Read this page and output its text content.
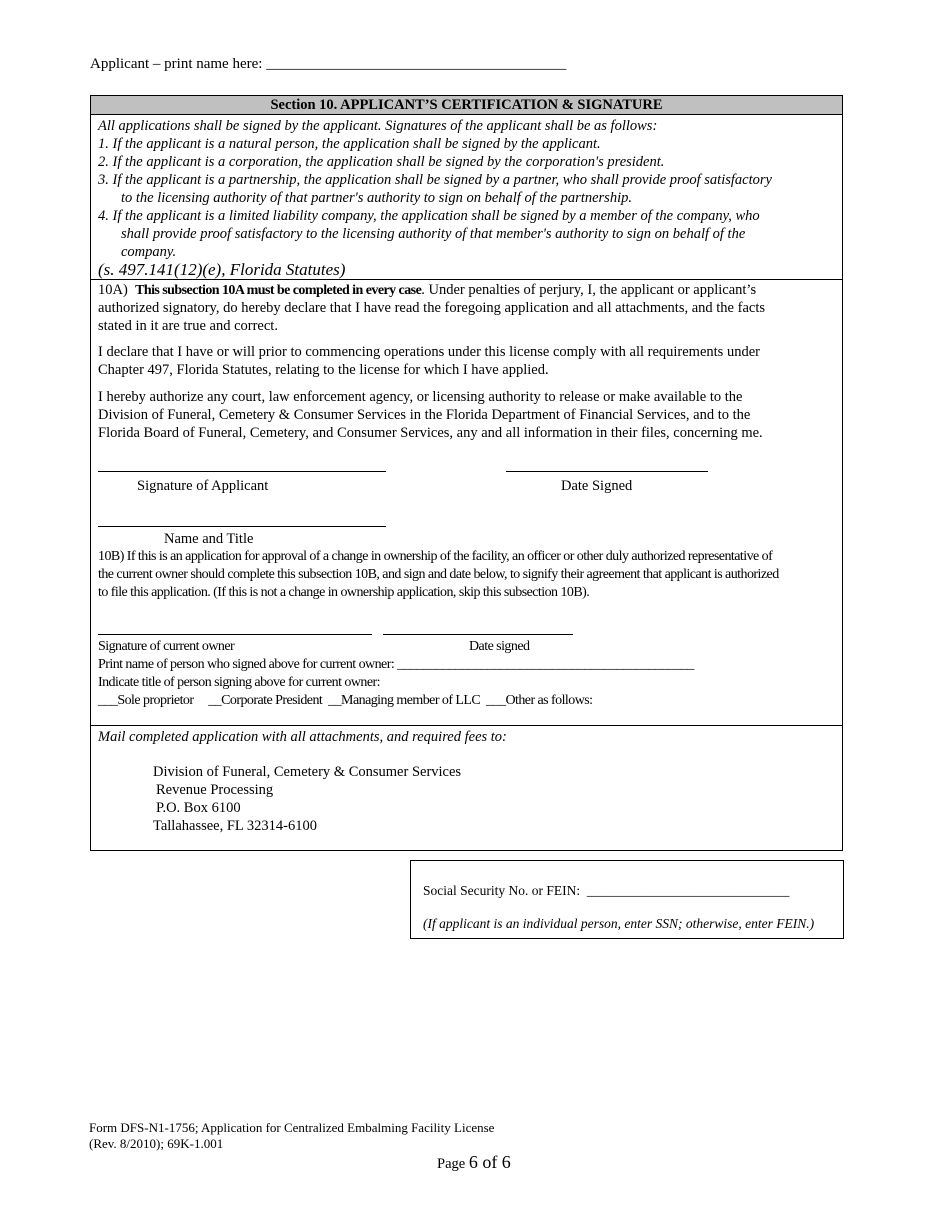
Applicant – print name here: ________________________________________
Section 10. APPLICANT’S CERTIFICATION & SIGNATURE
All applications shall be signed by the applicant. Signatures of the applicant shall be as follows:
1. If the applicant is a natural person, the application shall be signed by the applicant.
2. If the applicant is a corporation, the application shall be signed by the corporation's president.
3. If the applicant is a partnership, the application shall be signed by a partner, who shall provide proof satisfactory
to the licensing authority of that partner's authority to sign on behalf of the partnership.
4. If the applicant is a limited liability company, the application shall be signed by a member of the company, who
shall provide proof satisfactory to the licensing authority of that member's authority to sign on behalf of the
company.
(s. 497.141(12)(e), Florida Statutes)
10A)  This subsection 10A must be completed in every case. Under penalties of perjury, I, the applicant or applicant’s
authorized signatory, do hereby declare that I have read the foregoing application and all attachments, and the facts
stated in it are true and correct.
I declare that I have or will prior to commencing operations under this license comply with all requirements under
Chapter 497, Florida Statutes, relating to the license for which I have applied.
I hereby authorize any court, law enforcement agency, or licensing authority to release or make available to the
Division of Funeral, Cemetery & Consumer Services in the Florida Department of Financial Services, and to the
Florida Board of Funeral, Cemetery, and Consumer Services, any and all information in their files, concerning me.
Signature of Applicant	Date Signed
Name and Title
10B) If this is an application for approval of a change in ownership of the facility, an officer or other duly authorized representative of
the current owner should complete this subsection 10B, and sign and date below, to signify their agreement that applicant is authorized
to file this application. (If this is not a change in ownership application, skip this subsection 10B).
Signature of current owner	Date signed
Print name of person who signed above for current owner: ______________________________________________
Indicate title of person signing above for current owner:
___Sole proprietor     __Corporate President  __Managing member of LLC  ___Other as follows:
Mail completed application with all attachments, and required fees to:
Division of Funeral, Cemetery & Consumer Services
Revenue Processing
P.O. Box 6100
Tallahassee, FL 32314-6100
Social Security No. or FEIN:  ______________________________
(If applicant is an individual person, enter SSN; otherwise, enter FEIN.)
Form DFS-N1-1756; Application for Centralized Embalming Facility License
(Rev. 8/2010); 69K-1.001
Page 6 of 6
